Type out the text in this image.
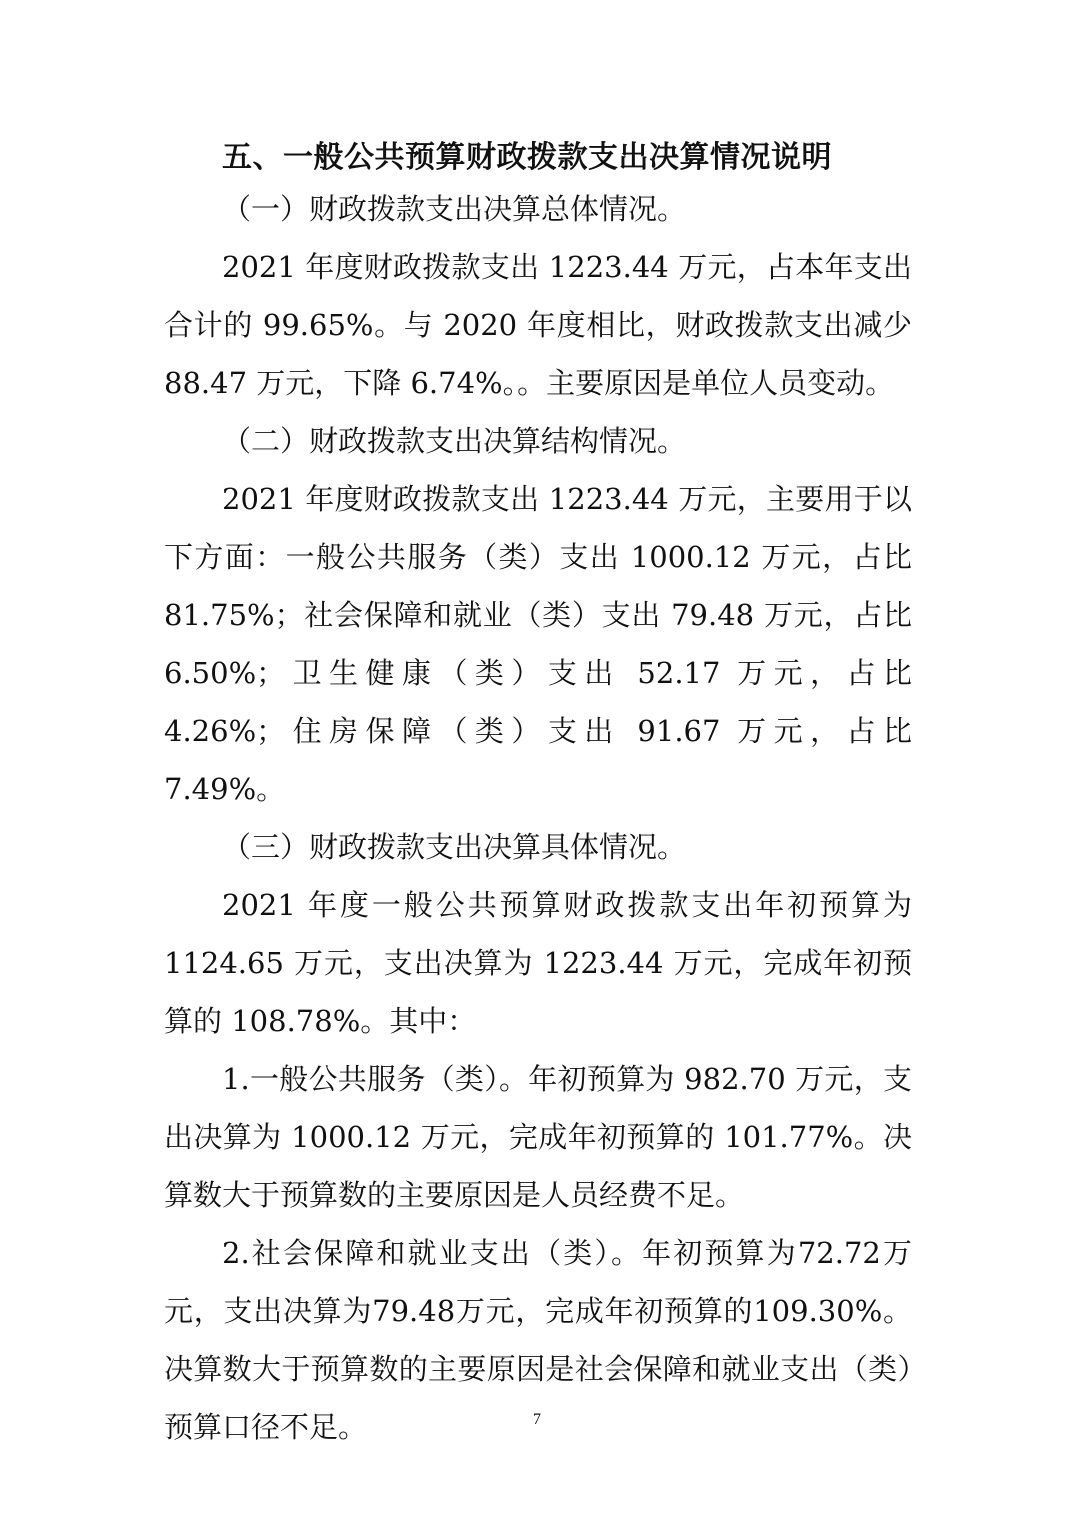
五、一般公共预算财政拨款支出决算情况说明

（一）财政拨款支出决算总体情况。

2021 年度财政拨款支出 1223.44 万元，占本年支出合计的 99.65%。与 2020 年度相比，财政拨款支出减少 88.47 万元，下降 6.74%。。主要原因是单位人员变动。

（二）财政拨款支出决算结构情况。

2021 年度财政拨款支出 1223.44 万元，主要用于以下方面：一般公共服务（类）支出 1000.12 万元，占比 81.75%；社会保障和就业（类）支出 79.48 万元，占比 6.50%；卫生健康（类）支出 52.17 万元，占比 4.26%；住房保障（类）支出 91.67 万元，占比 7.49%。

（三）财政拨款支出决算具体情况。

2021 年度一般公共预算财政拨款支出年初预算为 1124.65 万元，支出决算为 1223.44 万元，完成年初预算的 108.78%。其中：

1.一般公共服务（类）。年初预算为 982.70 万元，支出决算为 1000.12 万元，完成年初预算的 101.77%。决算数大于预算数的主要原因是人员经费不足。

2.社会保障和就业支出（类）。年初预算为72.72万元，支出决算为79.48万元，完成年初预算的109.30%。决算数大于预算数的主要原因是社会保障和就业支出（类）预算口径不足。	7
